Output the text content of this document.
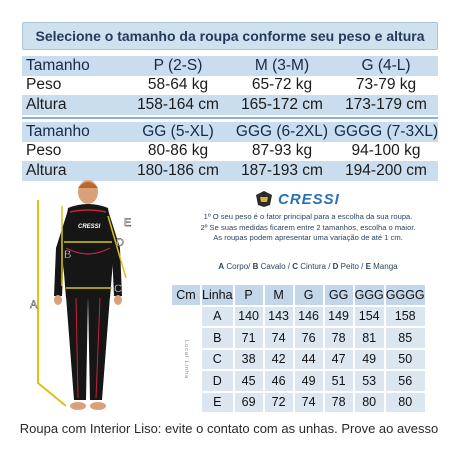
Selecione o tamanho da roupa conforme seu peso e altura
Tamanho	P (2-S)	M (3-M)	G (4-L)
Peso	58-64 kg	65-72 kg	73-79 kg
Altura	158-164 cm	165-172 cm	173-179 cm
Tamanho	GG (5-XL)	GGG (6-2XL)	GGGG (7-3XL)
Peso	80-86 kg	87-93 kg	94-100 kg
Altura	180-186 cm	187-193 cm	194-200 cm
CRESSI
A
B
C
D
E
CRESSI
1º O seu peso é o fator principal para a escolha da sua roupa.
2º Se suas medidas ficarem entre 2 tamanhos, escolha o maior.
As roupas podem apresentar uma variação de até 1 cm.
A Corpo/ B Cavalo / C Cintura / D Peito / E Manga
Cm	Linha	P	M	G	GG	GGG	GGGG

Local Linha	A	140	143	146	149	154	158
	B	71	74	76	78	81	85
	C	38	42	44	47	49	50
	D	45	46	49	51	53	56
	E	69	72	74	78	80	80
Roupa com Interior Liso: evite o contato com as unhas. Prove ao avesso
